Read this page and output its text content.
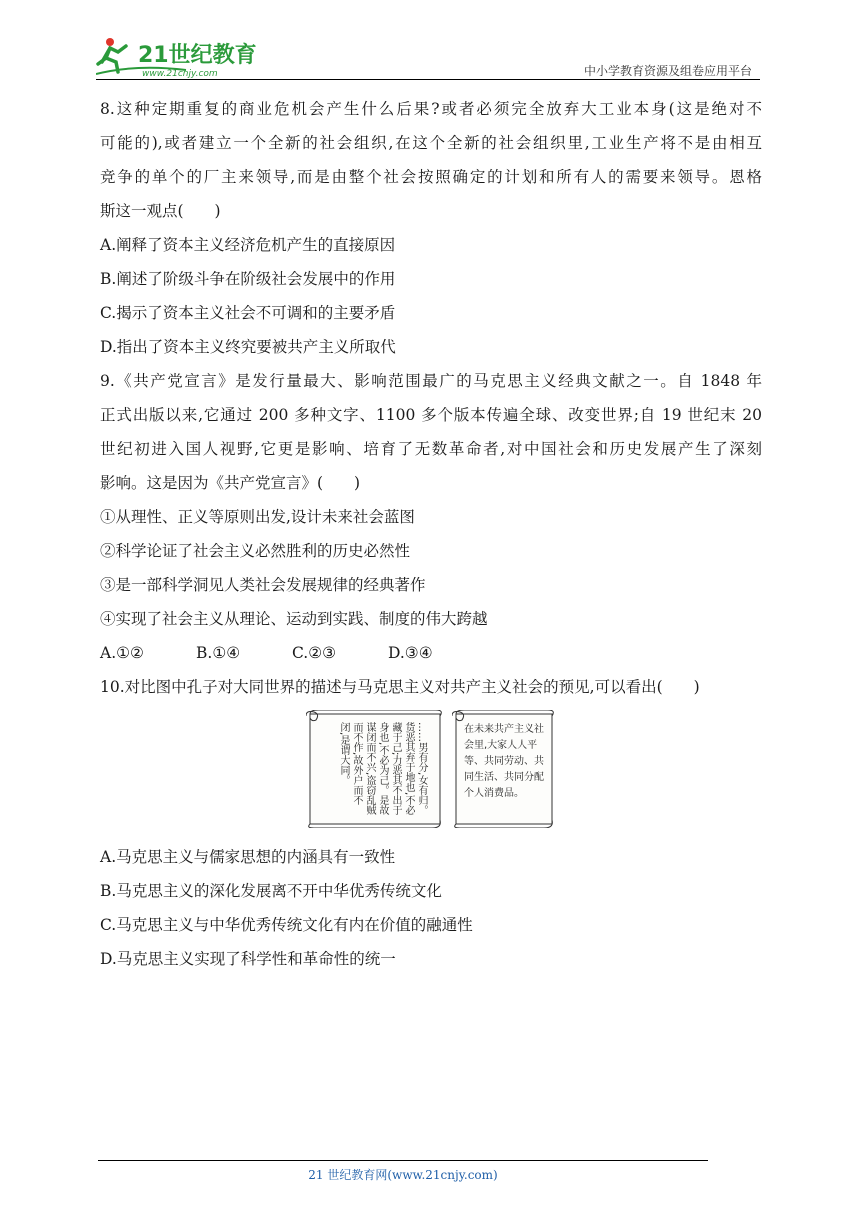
21世纪教育
www.21cnjy.com	中小学教育资源及组卷应用平台
8.这种定期重复的商业危机会产生什么后果?或者必须完全放弃大工业本身(这是绝对不
可能的),或者建立一个全新的社会组织,在这个全新的社会组织里,工业生产将不是由相互
竞争的单个的厂主来领导,而是由整个社会按照确定的计划和所有人的需要来领导。恩格
斯这一观点(　　)
A.阐释了资本主义经济危机产生的直接原因
B.阐述了阶级斗争在阶级社会发展中的作用
C.揭示了资本主义社会不可调和的主要矛盾
D.指出了资本主义终究要被共产主义所取代
9.《共产党宣言》是发行量最大、影响范围最广的马克思主义经典文献之一。自 1848 年
正式出版以来,它通过 200 多种文字、1100 多个版本传遍全球、改变世界;自 19 世纪末 20
世纪初进入国人视野,它更是影响、培育了无数革命者,对中国社会和历史发展产生了深刻
影响。这是因为《共产党宣言》(　　)
①从理性、正义等原则出发,设计未来社会蓝图
②科学论证了社会主义必然胜利的历史必然性
③是一部科学洞见人类社会发展规律的经典著作
④实现了社会主义从理论、运动到实践、制度的伟大跨越
A.①②	B.①④	C.②③	D.③④
10.对比图中孔子对大同世界的描述与马克思主义对共产主义社会的预见,可以看出(　　)
……男有分,女有归。货恶其弃于地也,不必藏于己;力恶其不出于身也,不必为己。是故谋闭而不兴,盗窃乱贼而不作,故外户而不闭,是谓大同。	在未来共产主义社会里,大家人人平等、共同劳动、共同生活、共同分配个人消费品。
A.马克思主义与儒家思想的内涵具有一致性
B.马克思主义的深化发展离不开中华优秀传统文化
C.马克思主义与中华优秀传统文化有内在价值的融通性
D.马克思主义实现了科学性和革命性的统一
21 世纪教育网(www.21cnjy.com)
